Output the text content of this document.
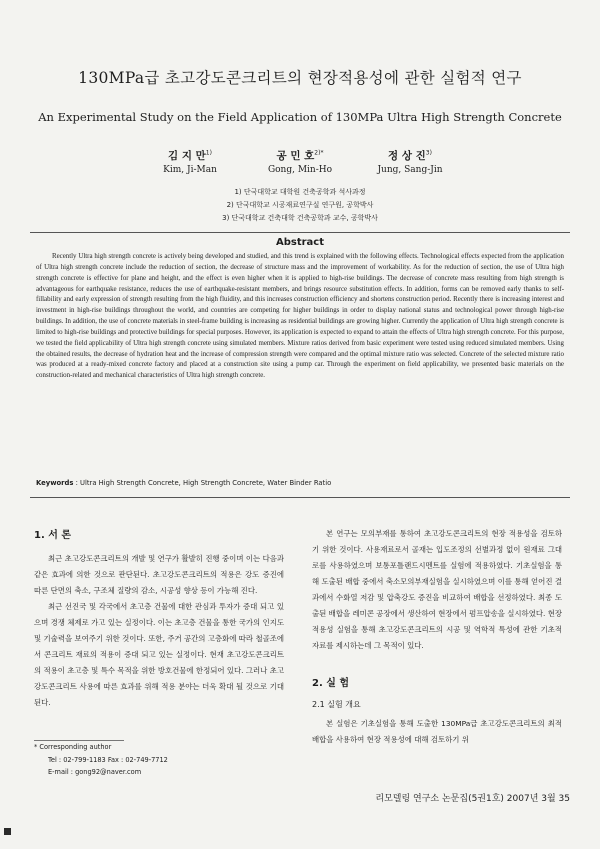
130MPa급 초고강도콘크리트의 현장적용성에 관한 실험적 연구
An Experimental Study on the Field Application of 130MPa Ultra High Strength Concrete
김 지 만$^{1)}$	공 민 호$^{2)*}$	정 상 진$^{3)}$
Kim, Ji-Man	Gong, Min-Ho	Jung, Sang-Jin
1) 단국대학교 대학원 건축공학과 석사과정
2) 단국대학교 시공재료연구실 연구원, 공학박사
3) 단국대학교 건축대학 건축공학과 교수, 공학박사
Abstract
Recently Ultra high strength concrete is actively being developed and studied, and this trend is explained with the following effects. Technological effects expected from the application of Ultra high strength concrete include the reduction of section, the decrease of structure mass and the improvement of workability. As for the reduction of section, the use of Ultra high strength concrete is effective for plane and height, and the effect is even higher when it is applied to high-rise buildings. The decrease of concrete mass resulting from high strength is advantageous for earthquake resistance, reduces the use of earthquake-resistant members, and brings resource substitution effects. In addition, forms can be removed early thanks to self-fillability and early expression of strength resulting from the high fluidity, and this increases construction efficiency and shortens construction period. Recently there is increasing interest and investment in high-rise buildings throughout the world, and countries are competing for higher buildings in order to display national status and technological power through high-rise buildings. In addition, the use of concrete materials in steel-frame building is increasing as residential buildings are growing higher. Currently the application of Ultra high strength concrete is limited to high-rise buildings and protective buildings for special purposes. However, its application is expected to expand to attain the effects of Ultra high strength concrete. For this purpose, we tested the field applicability of Ultra high strength concrete using simulated members. Mixture ratios derived from basic experiment were tested using reduced simulated members. Using the obtained results, the decrease of hydration heat and the increase of compression strength were compared and the optimal mixture ratio was selected. Concrete of the selected mixture ratio was produced at a ready-mixed concrete factory and placed at a construction site using a pump car. Through the experiment on field applicability, we presented basic materials on the construction-related and mechanical characteristics of Ultra high strength concrete.
Keywords : Ultra High Strength Concrete, High Strength Concrete, Water Binder Ratio
1. 서 론

최근 초고강도콘크리트의 개발 및 연구가 활발히 진행 중이며 이는 다음과 같은 효과에 의한 것으로 판단된다. 초고강도콘크리트의 적용은 강도 증진에 따른 단면의 축소, 구조체 질량의 감소, 시공성 향상 등이 가능해 진다.

최근 선진국 및 각국에서 초고층 건물에 대한 관심과 투자가 증대 되고 있으며 경쟁 체제로 가고 있는 실정이다. 이는 초고층 건물을 통한 국가의 인지도 및 기술력을 보여주기 위한 것이다. 또한, 주거 공간의 고층화에 따라 철골조에서 콘크리트 재료의 적용이 증대 되고 있는 실정이다. 현재 초고강도콘크리트의 적용이 초고층 및 특수 목적을 위한 방호건물에 한정되어 있다. 그러나 초고강도콘크리트 사용에 따른 효과를 위해 적용 분야는 더욱 확대 될 것으로 기대된다.

본 연구는 모의부재를 통하여 초고강도콘크리트의 현장 적용성을 검토하기 위한 것이다. 사용재료로서 골재는 입도조정의 선별과정 없이 원재료 그대로를 사용하였으며 보통포틀랜드시멘트를 실험에 적용하였다. 기초실험을 통해 도출된 배합 중에서 축소모의부재실험을 실시하였으며 이를 통해 얻어진 결과에서 수화열 저감 및 압축강도 증진을 비교하여 배합을 선정하였다. 최종 도출된 배합을 레미콘 공장에서 생산하여 현장에서 펌프압송을 실시하였다. 현장 적용성 실험을 통해 초고강도콘크리트의 시공 및 역학적 특성에 관한 기초적 자료를 제시하는데 그 목적이 있다.

2. 실 험
2.1 실험 개요

본 실험은 기초실험을 통해 도출한 130MPa급 초고강도콘크리트의 최적배합을 사용하여 현장 적용성에 대해 검토하기 위

* Corresponding author
Tel : 02-799-1183 Fax : 02-749-7712
E-mail : gong92@naver.com
리모델링 연구소 논문집(5권1호) 2007년 3월 35
